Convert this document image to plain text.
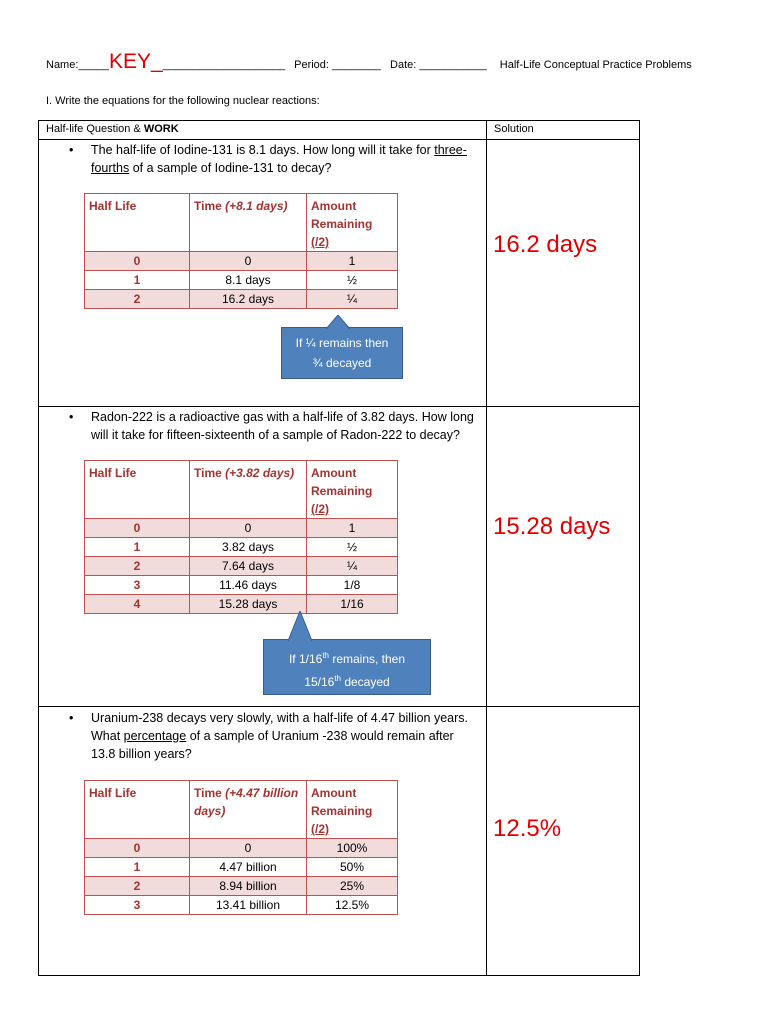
Name:_____KEY_____________________ Period: ________ Date: ___________ Half-Life Conceptual Practice Problems
I. Write the equations for the following nuclear reactions:
Half-life Question & WORK	Solution
• The half-life of Iodine-131 is 8.1 days. How long will it take for three-fourths of a sample of Iodine-131 to decay?
Half Life	Time (+8.1 days)	Amount Remaining
(/2)
0	0	1
1	8.1 days	½
2	16.2 days	¼
If ¼ remains then
¾ decayed
16.2 days
• Radon-222 is a radioactive gas with a half-life of 3.82 days. How long will it take for fifteen-sixteenth of a sample of Radon-222 to decay?
Half Life	Time (+3.82 days)	Amount Remaining
(/2)
0	0	1
1	3.82 days	½
2	7.64 days	¼
3	11.46 days	1/8
4	15.28 days	1/16
If 1/16th remains, then
15/16th decayed
15.28 days
• Uranium-238 decays very slowly, with a half-life of 4.47 billion years. What percentage of a sample of Uranium -238 would remain after 13.8 billion years?
Half Life	Time (+4.47 billion days)	Amount Remaining
(/2)
0	0	100%
1	4.47 billion	50%
2	8.94 billion	25%
3	13.41 billion	12.5%
12.5%
